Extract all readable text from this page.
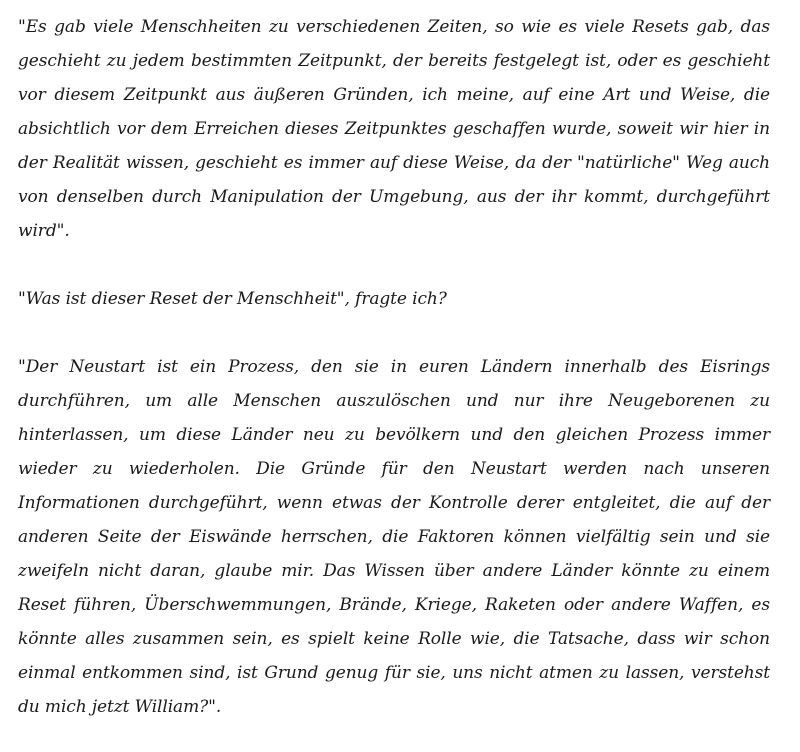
"Es gab viele Menschheiten zu verschiedenen Zeiten, so wie es viele Resets gab, das geschieht zu jedem bestimmten Zeitpunkt, der bereits festgelegt ist, oder es geschieht vor diesem Zeitpunkt aus äußeren Gründen, ich meine, auf eine Art und Weise, die absichtlich vor dem Erreichen dieses Zeitpunktes geschaffen wurde, soweit wir hier in der Realität wissen, geschieht es immer auf diese Weise, da der "natürliche" Weg auch von denselben durch Manipulation der Umgebung, aus der ihr kommt, durchgeführt wird".

"Was ist dieser Reset der Menschheit", fragte ich?

"Der Neustart ist ein Prozess, den sie in euren Ländern innerhalb des Eisrings durchführen, um alle Menschen auszulöschen und nur ihre Neugeborenen zu hinterlassen, um diese Länder neu zu bevölkern und den gleichen Prozess immer wieder zu wiederholen. Die Gründe für den Neustart werden nach unseren Informationen durchgeführt, wenn etwas der Kontrolle derer entgleitet, die auf der anderen Seite der Eiswände herrschen, die Faktoren können vielfältig sein und sie zweifeln nicht daran, glaube mir. Das Wissen über andere Länder könnte zu einem Reset führen, Überschwemmungen, Brände, Kriege, Raketen oder andere Waffen, es könnte alles zusammen sein, es spielt keine Rolle wie, die Tatsache, dass wir schon einmal entkommen sind, ist Grund genug für sie, uns nicht atmen zu lassen, verstehst du mich jetzt William?".
